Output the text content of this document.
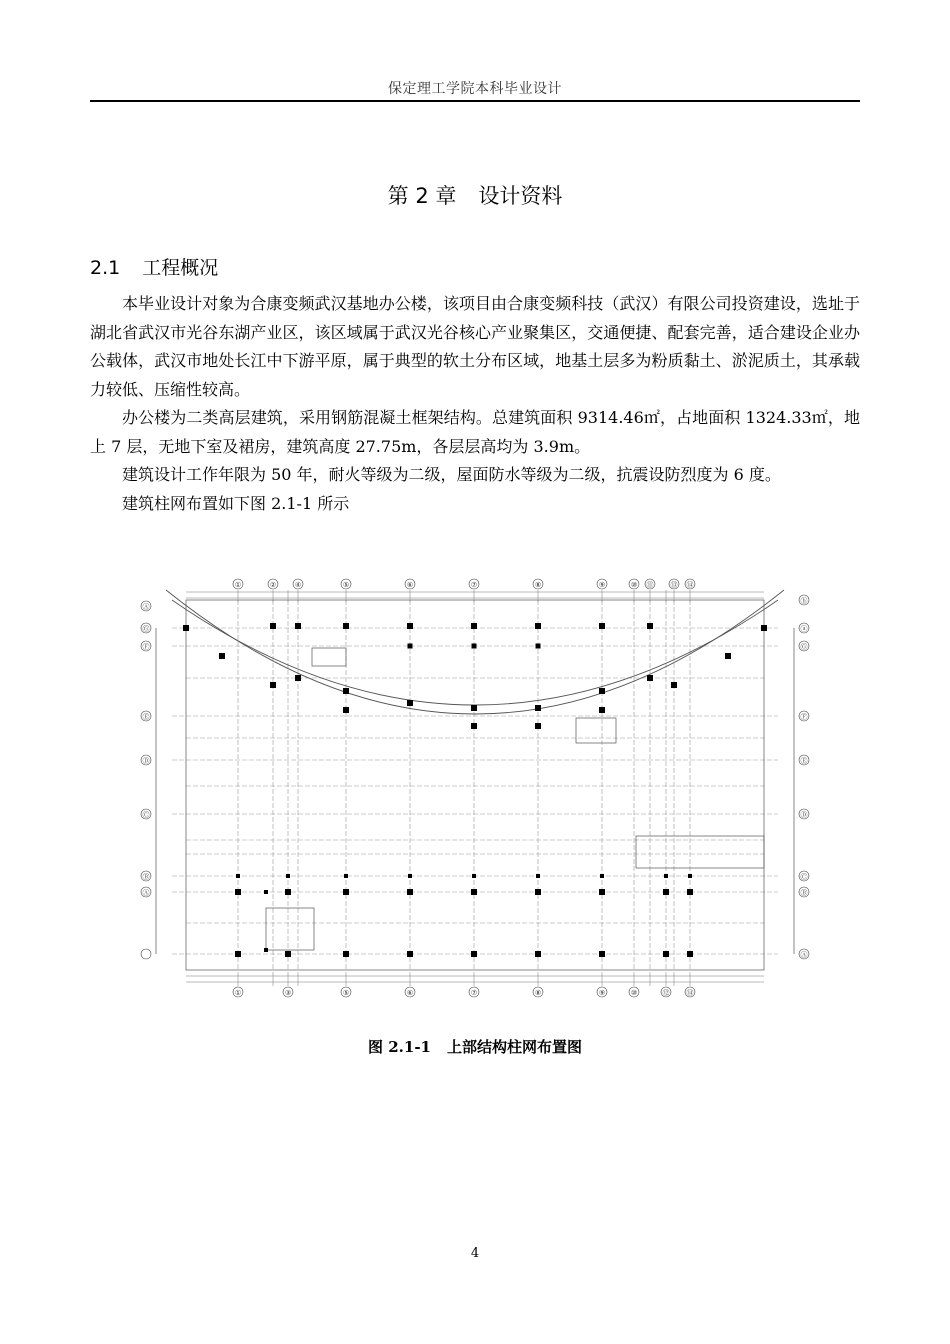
保定理工学院本科毕业设计
第 2 章 设计资料
2.1 工程概况

本毕业设计对象为合康变频武汉基地办公楼，该项目由合康变频科技（武汉）有限公司投资建设，选址于湖北省武汉市光谷东湖产业区，该区域属于武汉光谷核心产业聚集区，交通便捷、配套完善，适合建设企业办公载体，武汉市地处长江中下游平原，属于典型的软土分布区域，地基土层多为粉质黏土、淤泥质土，其承载力较低、压缩性较高。

办公楼为二类高层建筑，采用钢筋混凝土框架结构。总建筑面积 9314.46㎡，占地面积 1324.33㎡，地上 7 层，无地下室及裙房，建筑高度 27.75m，各层层高均为 3.9m。

建筑设计工作年限为 50 年，耐火等级为二级，屋面防水等级为二级，抗震设防烈度为 6 度。

建筑柱网布置如下图 2.1-1 所示

①	②	④	⑤	⑥	⑦	⑧	⑨	⑩ ⑪ ⑬ ⑭
①	③	⑤	⑥	⑦	⑧	⑨	⑩	⑫ ⑭
Ⓐ
Ⓖ
Ⓕ
Ⓔ
Ⓓ
Ⓒ
Ⓑ
Ⓐ
ⓗ
ⓐ
Ⓖ
Ⓕ
Ⓔ
Ⓓ
Ⓒ
Ⓑ
Ⓐ
图 2.1-1 上部结构柱网布置图
4
